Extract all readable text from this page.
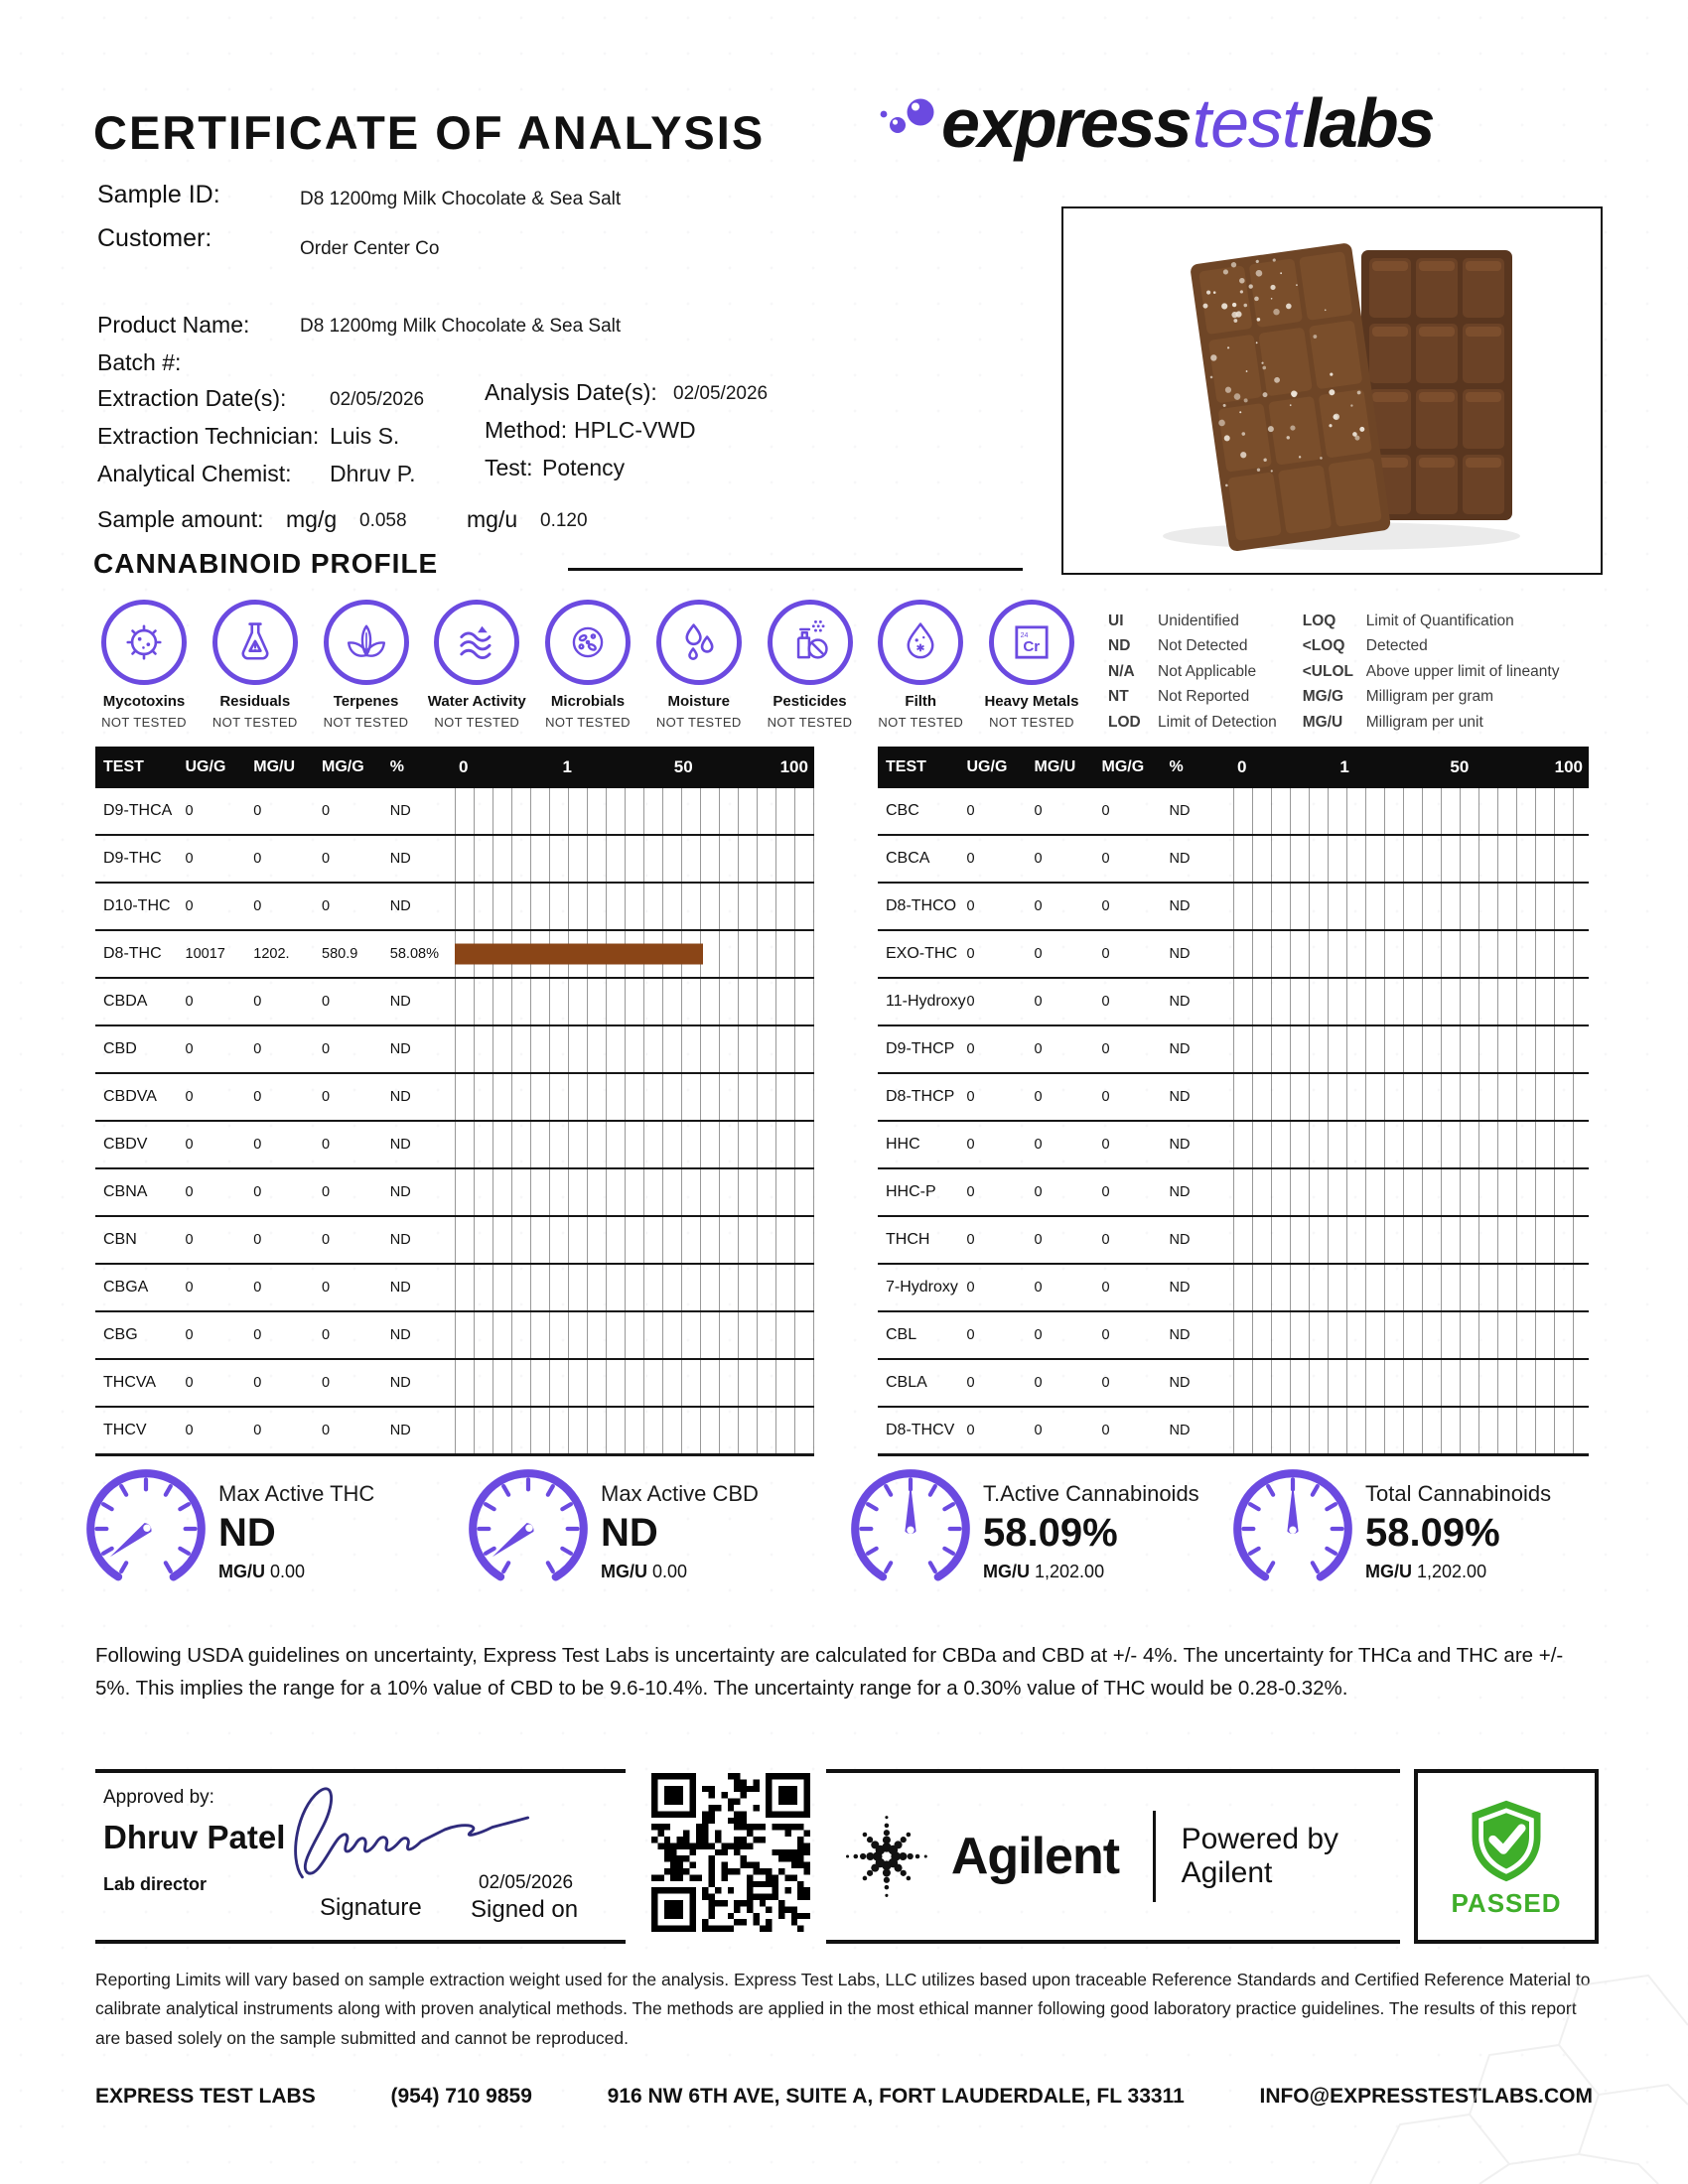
CERTIFICATE OF ANALYSIS	express test labs
Sample ID:	D8 1200mg Milk Chocolate & Sea Salt
Customer:	Order Center Co
Product Name:	D8 1200mg Milk Chocolate & Sea Salt
Batch #:
Extraction Date(s): 02/05/2026	Analysis Date(s): 02/05/2026
Extraction Technician: Luis S.	Method: HPLC-VWD
Analytical Chemist: Dhruv P.	Test: Potency
Sample amount: mg/g 0.058	mg/u 0.120
CANNABINOID PROFILE
Mycotoxins
NOT TESTED
Residuals
NOT TESTED
Terpenes
NOT TESTED
Water Activity
NOT TESTED
Microbials
NOT TESTED
Moisture
NOT TESTED
Pesticides
NOT TESTED
Filth
NOT TESTED
Cr
24
Heavy Metals
NOT TESTED
UI	Unidentified
ND	Not Detected
N/A	Not Applicable
NT	Not Reported
LOD	Limit of Detection
LOQ	Limit of Quantification
<LOQ	Detected
<ULOL Above upper limit of lineanty
MG/G	Milligram per gram
MG/U	Milligram per unit
TEST	UG/G	MG/U	MG/G	%	0	1	50	100
D9-THCA 0	0	0	ND
D9-THC	0	0	0	ND
D10-THC	0	0	0	ND
D8-THC	10017	1202.	580.9	58.08%
CBDA	0	0	0	ND
CBD	0	0	0	ND
CBDVA	0	0	0	ND
CBDV	0	0	0	ND
CBNA	0	0	0	ND
CBN	0	0	0	ND
CBGA	0	0	0	ND
CBG	0	0	0	ND
THCVA	0	0	0	ND
THCV	0	0	0	ND
TEST	UG/G	MG/U	MG/G	%	0	1	50	100
CBC	0	0	0	ND
CBCA	0	0	0	ND
D8-THCO 0	0	0	ND
EXO-THC 0	0	0	ND
11-Hydroxy 0	0	0	ND
D9-THCP 0	0	0	ND
D8-THCP 0	0	0	ND
HHC	0	0	0	ND
HHC-P	0	0	0	ND
THCH	0	0	0	ND
7-Hydroxy 0	0	0	ND
CBL	0	0	0	ND
CBLA	0	0	0	ND
D8-THCV 0	0	0	ND
Max Active THC
ND
MG/U 0.00
Max Active CBD
ND
MG/U 0.00
T.Active Cannabinoids
58.09%
MG/U 1,202.00
Total Cannabinoids
58.09%
MG/U 1,202.00
Following USDA guidelines on uncertainty, Express Test Labs is uncertainty are calculated for CBDa and CBD at +/- 4%. The uncertainty for THCa and THC are +/- 5%. This implies the range for a 10% value of CBD to be 9.6-10.4%. The uncertainty range for a 0.30% value of THC would be 0.28-0.32%.
Approved by:
Dhruv Patel
Lab director
Signature
02/05/2026
Signed on
Agilent Powered by Agilent
PASSED
Reporting Limits will vary based on sample extraction weight used for the analysis. Express Test Labs, LLC utilizes based upon traceable Reference Standards and Certified Reference Material to calibrate analytical instruments along with proven analytical methods. The methods are applied in the most ethical manner following good laboratory practice guidelines. The results of this report are based solely on the sample submitted and cannot be reproduced.
EXPRESS TEST LABS	(954) 710 9859	916 NW 6TH AVE, SUITE A, FORT LAUDERDALE, FL 33311	INFO@EXPRESSTESTLABS.COM
